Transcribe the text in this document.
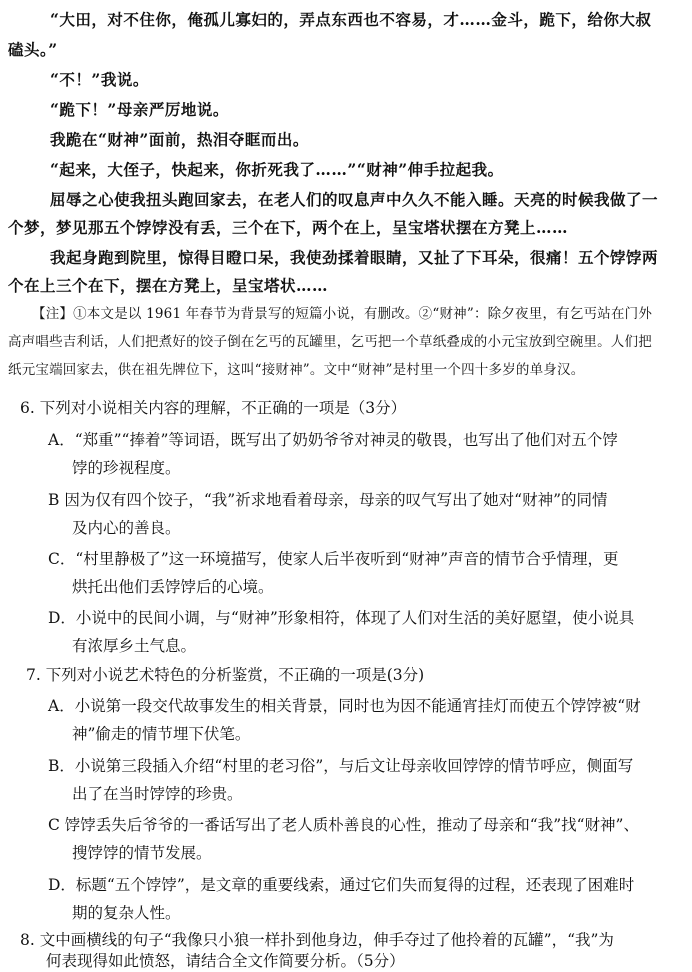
“大田，对不住你，俺孤儿寡妇的，弄点东西也不容易，才……金斗，跪下，给你大叔
磕头。”
“不！”我说。
“跪下！”母亲严厉地说。
我跪在“财神”面前，热泪夺眶而出。
“起来，大侄子，快起来，你折死我了……”“财神”伸手拉起我。
屈辱之心使我扭头跑回家去，在老人们的叹息声中久久不能入睡。天亮的时候我做了一
个梦，梦见那五个饽饽没有丢，三个在下，两个在上，呈宝塔状摆在方凳上……
我起身跑到院里，惊得目瞪口呆，我使劲揉着眼睛，又扯了下耳朵，很痛！五个饽饽两
个在上三个在下，摆在方凳上，呈宝塔状……
【注】①本文是以 1961 年春节为背景写的短篇小说，有删改。②“财神”：除夕夜里，有乞丐站在门外
高声唱些吉利话，人们把煮好的饺子倒在乞丐的瓦罐里，乞丐把一个草纸叠成的小元宝放到空碗里。人们把
纸元宝端回家去，供在祖先牌位下，这叫“接财神”。文中“财神”是村里一个四十多岁的单身汉。
6. 下列对小说相关内容的理解，不正确的一项是（3分）
A．“郑重”“捧着”等词语，既写出了奶奶爷爷对神灵的敬畏，也写出了他们对五个饽
饽的珍视程度。
B 因为仅有四个饺子，“我”祈求地看着母亲，母亲的叹气写出了她对“财神”的同情
及内心的善良。
C．“村里静极了”这一环境描写，使家人后半夜听到“财神”声音的情节合乎情理，更
烘托出他们丢饽饽后的心境。
D．小说中的民间小调，与“财神”形象相符，体现了人们对生活的美好愿望，使小说具
有浓厚乡土气息。
7. 下列对小说艺术特色的分析鉴赏，不正确的一项是(3分)
A．小说第一段交代故事发生的相关背景，同时也为因不能通宵挂灯而使五个饽饽被“财
神”偷走的情节埋下伏笔。
B．小说第三段插入介绍“村里的老习俗”，与后文让母亲收回饽饽的情节呼应，侧面写
出了在当时饽饽的珍贵。
C 饽饽丢失后爷爷的一番话写出了老人质朴善良的心性，推动了母亲和“我”找“财神”、
搜饽饽的情节发展。
D．标题“五个饽饽”，是文章的重要线索，通过它们失而复得的过程，还表现了困难时
期的复杂人性。
8. 文中画横线的句子“我像只小狼一样扑到他身边，伸手夺过了他拎着的瓦罐”，“我”为
何表现得如此愤怒，请结合全文作简要分析。（5分）
